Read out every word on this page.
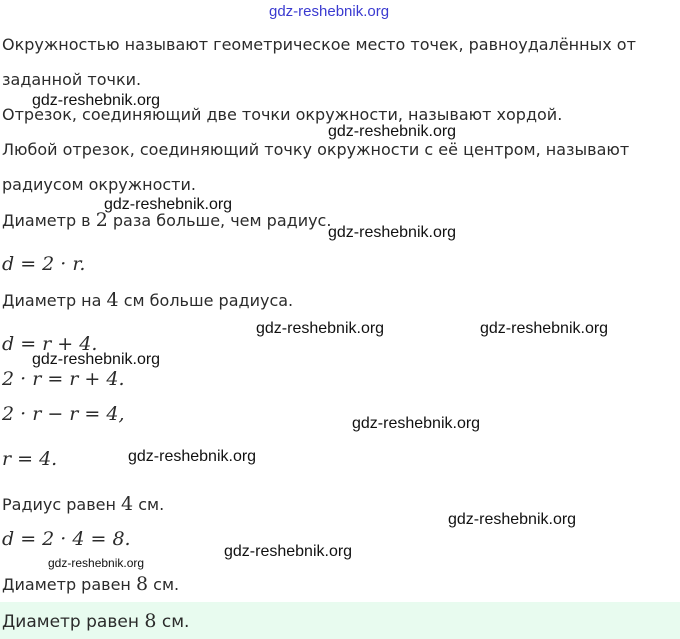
gdz-reshebnik.org
gdz-reshebnik.org
gdz-reshebnik.org
gdz-reshebnik.org
gdz-reshebnik.org
gdz-reshebnik.org	gdz-reshebnik.org
gdz-reshebnik.org
gdz-reshebnik.org
gdz-reshebnik.org
gdz-reshebnik.org
gdz-reshebnik.org
gdz-reshebnik.org
Окружностью называют геометрическое место точек, равноудалённых от
заданной точки.
Отрезок, соединяющий две точки окружности, называют хордой.
Любой отрезок, соединяющий точку окружности с её центром, называют
радиусом окружности.
Диаметр в 2 раза больше, чем радиус.
d = 2 · r.
Диаметр на 4 см больше радиуса.
d = r + 4.
2 · r = r + 4.
2 · r − r = 4,
r = 4.
Радиус равен 4 см.
d = 2 · 4 = 8.
Диаметр равен 8 см.
Диаметр равен 8 см.
